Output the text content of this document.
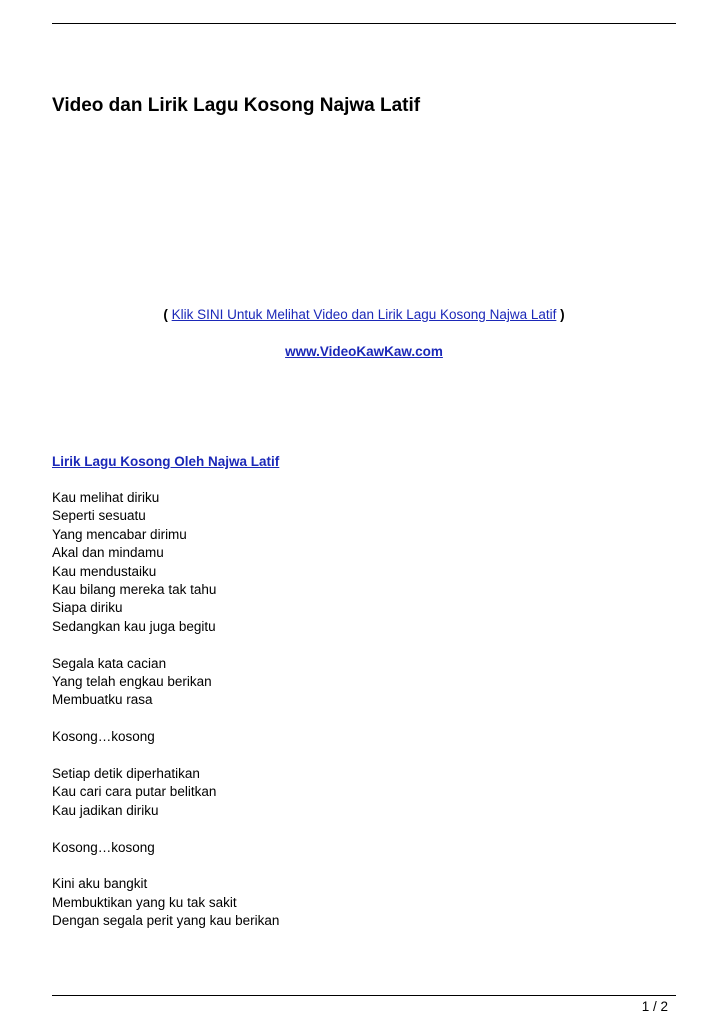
Video dan Lirik Lagu Kosong Najwa Latif
( Klik SINI Untuk Melihat Video dan Lirik Lagu Kosong Najwa Latif )
www.VideoKawKaw.com
Lirik Lagu Kosong Oleh Najwa Latif
Kau melihat diriku
Seperti sesuatu
Yang mencabar dirimu
Akal dan mindamu
Kau mendustaiku
Kau bilang mereka tak tahu
Siapa diriku
Sedangkan kau juga begitu
Segala kata cacian
Yang telah engkau berikan
Membuatku rasa
Kosong…kosong
Setiap detik diperhatikan
Kau cari cara putar belitkan
Kau jadikan diriku
Kosong…kosong
Kini aku bangkit
Membuktikan yang ku tak sakit
Dengan segala perit yang kau berikan
1 / 2
